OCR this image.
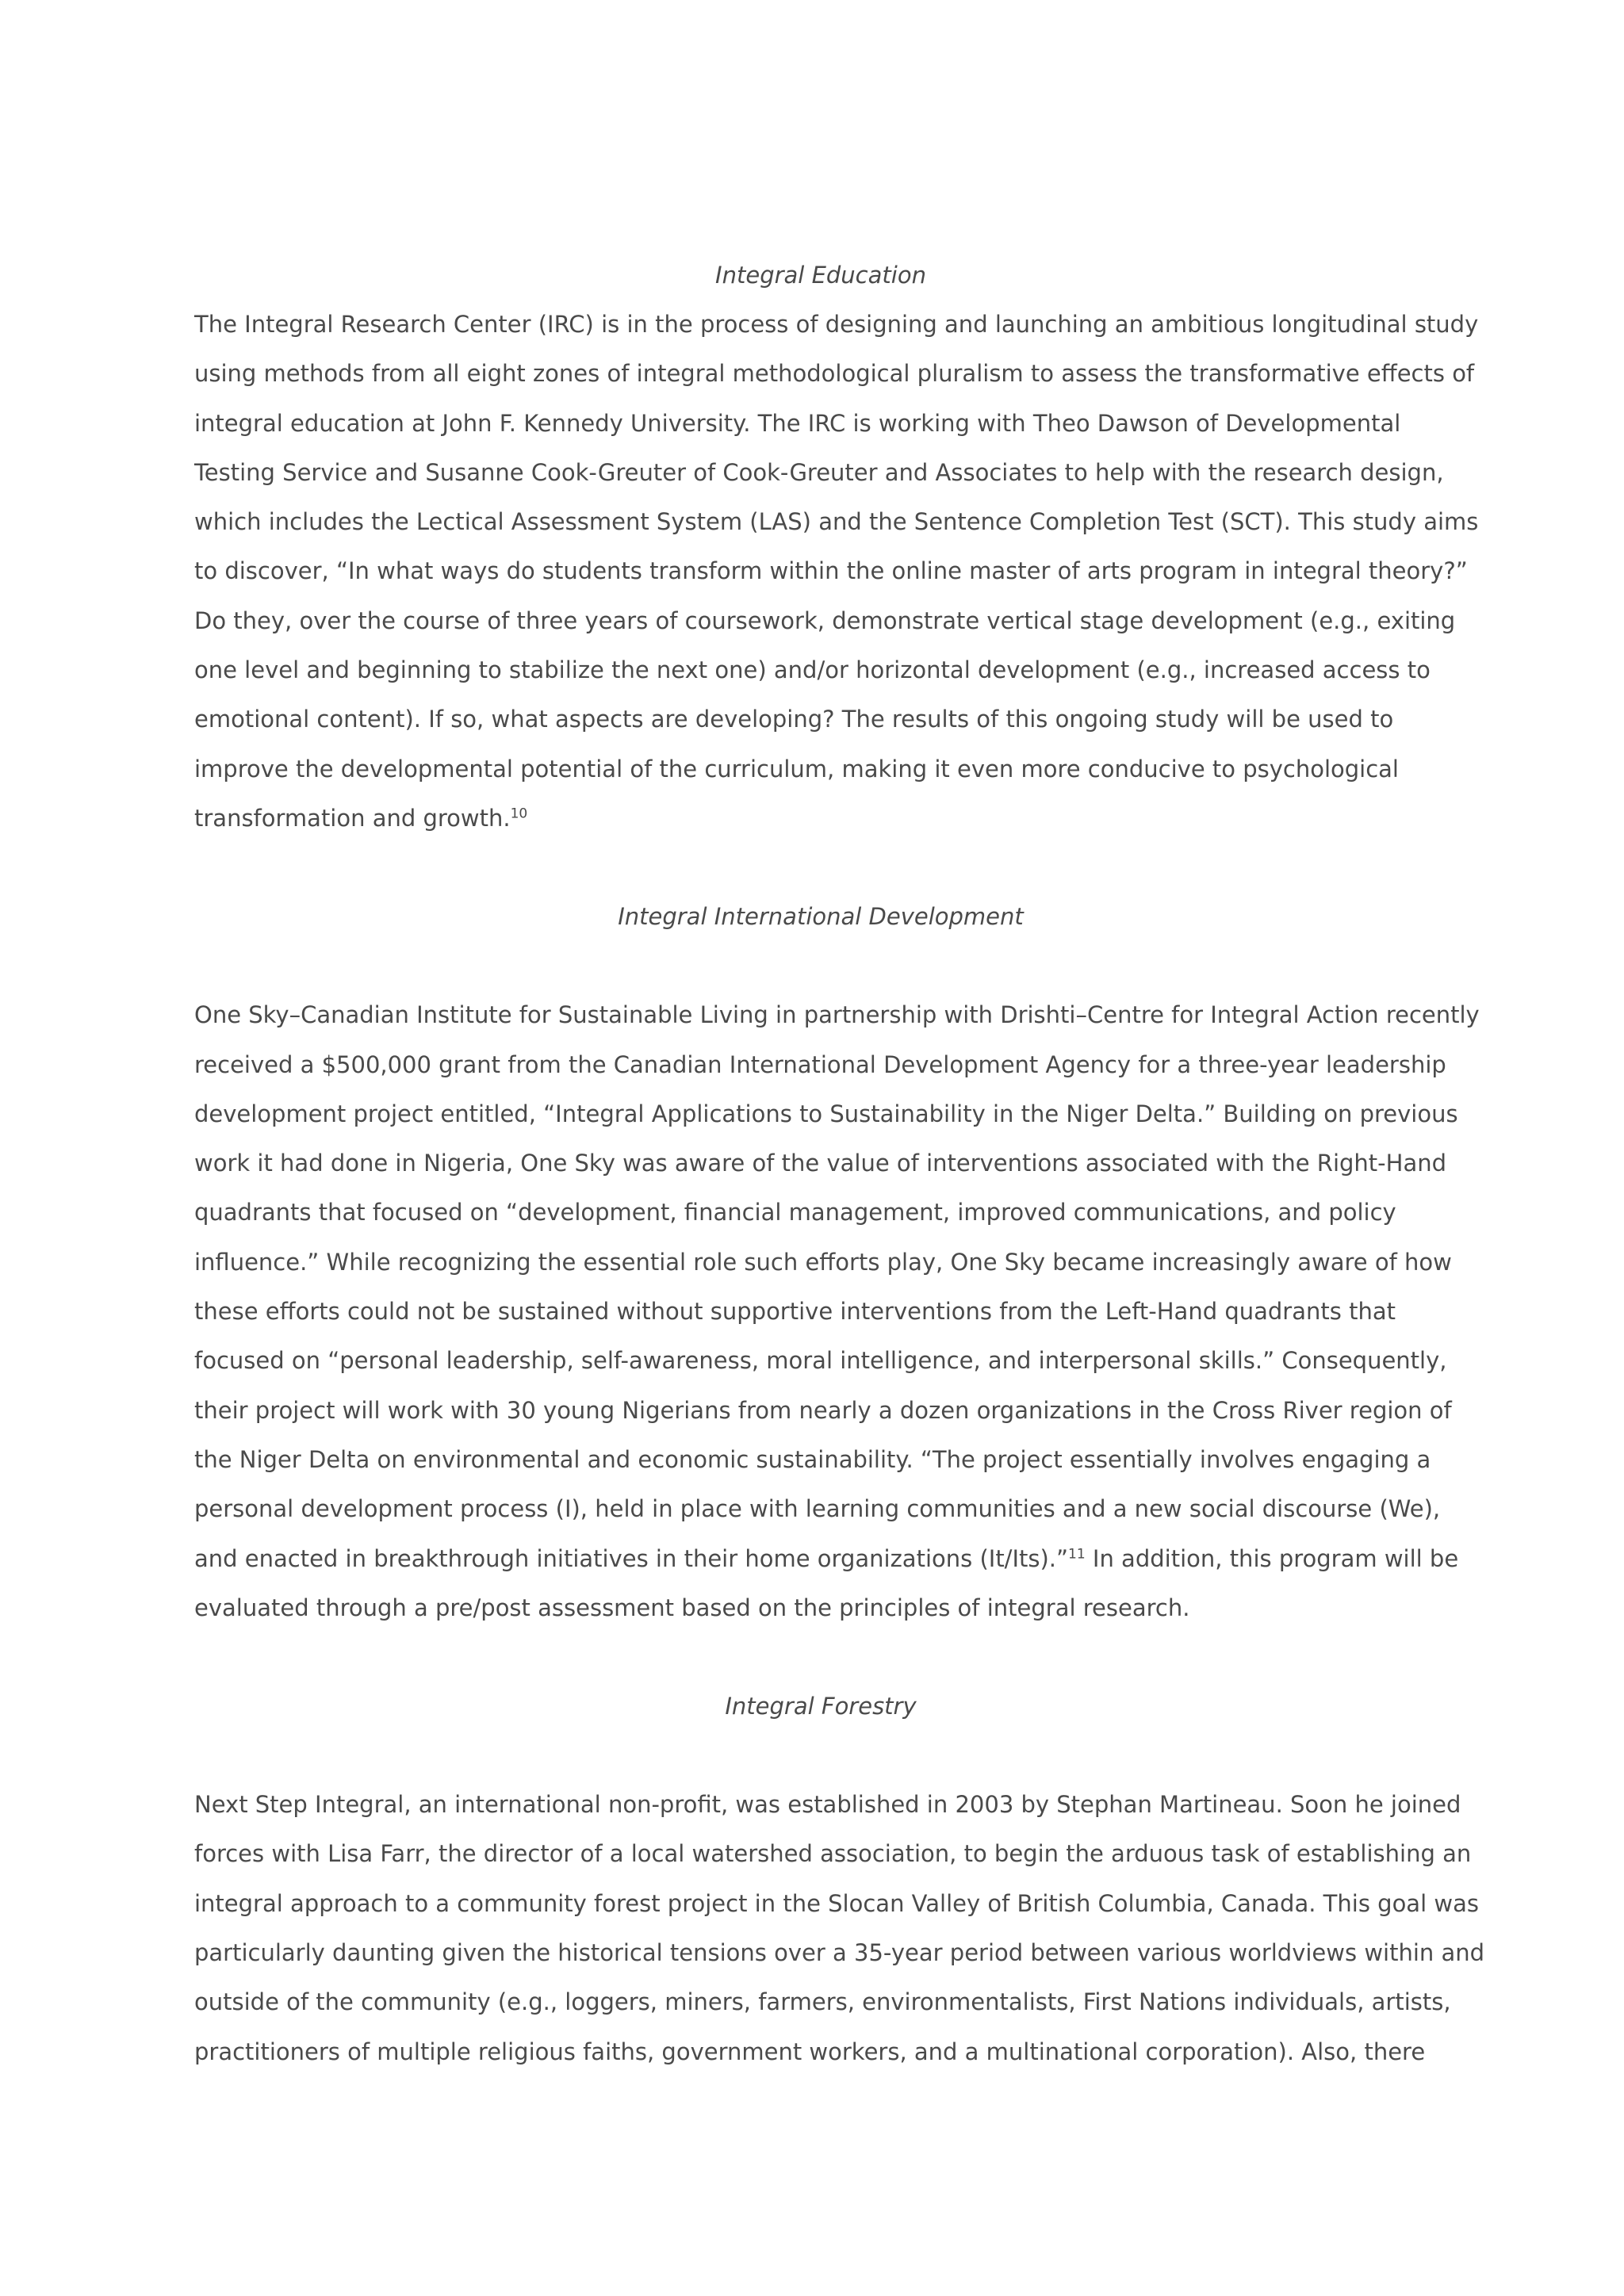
Integral Education

The Integral Research Center (IRC) is in the process of designing and launching an ambitious longitudinal study
using methods from all eight zones of integral methodological pluralism to assess the transformative effects of
integral education at John F. Kennedy University. The IRC is working with Theo Dawson of Developmental
Testing Service and Susanne Cook-Greuter of Cook-Greuter and Associates to help with the research design,
which includes the Lectical Assessment System (LAS) and the Sentence Completion Test (SCT). This study aims
to discover, “In what ways do students transform within the online master of arts program in integral theory?”
Do they, over the course of three years of coursework, demonstrate vertical stage development (e.g., exiting
one level and beginning to stabilize the next one) and/or horizontal development (e.g., increased access to
emotional content). If so, what aspects are developing? The results of this ongoing study will be used to
improve the developmental potential of the curriculum, making it even more conducive to psychological
transformation and growth.$^{10}$

Integral International Development

One Sky–Canadian Institute for Sustainable Living in partnership with Drishti–Centre for Integral Action recently
received a $500,000 grant from the Canadian International Development Agency for a three-year leadership
development project entitled, “Integral Applications to Sustainability in the Niger Delta.” Building on previous
work it had done in Nigeria, One Sky was aware of the value of interventions associated with the Right-Hand
quadrants that focused on “development, financial management, improved communications, and policy
influence.” While recognizing the essential role such efforts play, One Sky became increasingly aware of how
these efforts could not be sustained without supportive interventions from the Left-Hand quadrants that
focused on “personal leadership, self-awareness, moral intelligence, and interpersonal skills.” Consequently,
their project will work with 30 young Nigerians from nearly a dozen organizations in the Cross River region of
the Niger Delta on environmental and economic sustainability. “The project essentially involves engaging a
personal development process (I), held in place with learning communities and a new social discourse (We),
and enacted in breakthrough initiatives in their home organizations (It/Its).”$^{11}$ In addition, this program will be
evaluated through a pre/post assessment based on the principles of integral research.

Integral Forestry

Next Step Integral, an international non-profit, was established in 2003 by Stephan Martineau. Soon he joined
forces with Lisa Farr, the director of a local watershed association, to begin the arduous task of establishing an
integral approach to a community forest project in the Slocan Valley of British Columbia, Canada. This goal was
particularly daunting given the historical tensions over a 35-year period between various worldviews within and
outside of the community (e.g., loggers, miners, farmers, environmentalists, First Nations individuals, artists,
practitioners of multiple religious faiths, government workers, and a multinational corporation). Also, there
